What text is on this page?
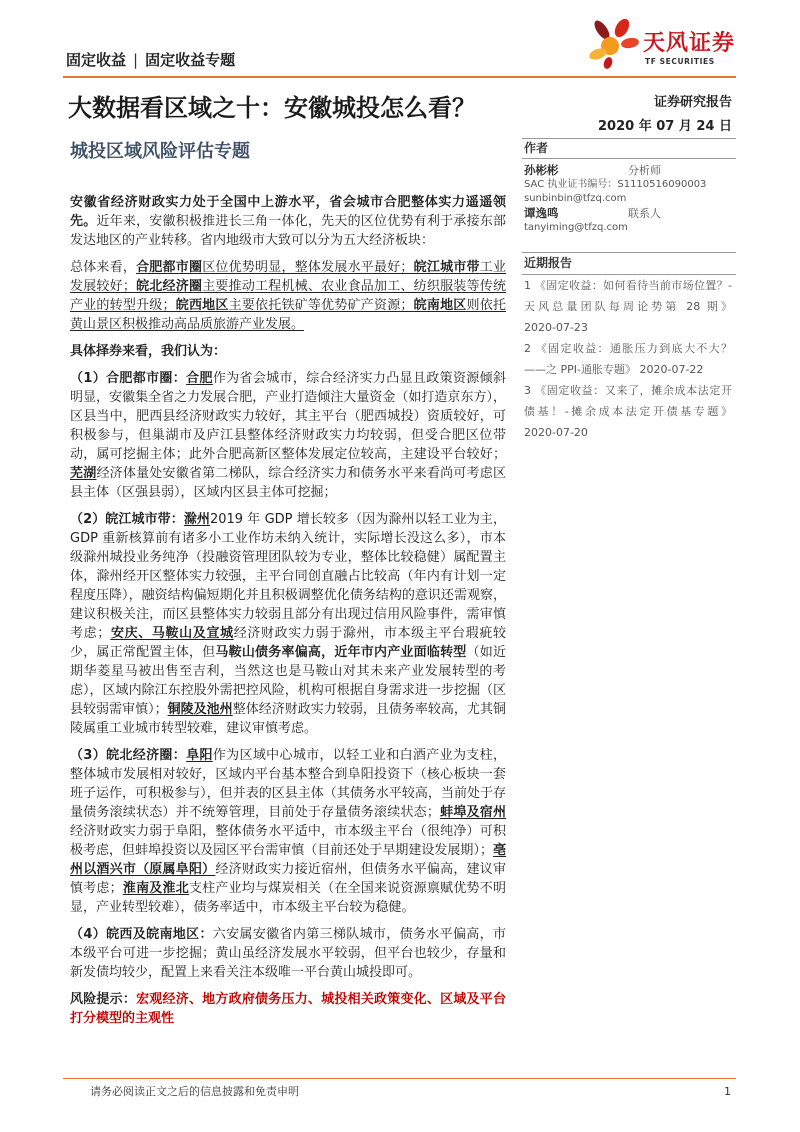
固定收益 | 固定收益专题
天风证券
TF SECURITIES
大数据看区域之十：安徽城投怎么看？
城投区域风险评估专题
证券研究报告
2020 年 07 月 24 日
作者
孙彬彬	分析师
SAC 执业证书编号：S1110516090003
sunbinbin@tfzq.com
谭逸鸣	联系人
tanyiming@tfzq.com
近期报告
1 《固定收益：如何看待当前市场位置？-天风总量团队每周论势第 28 期》 2020-07-23
2 《固定收益：通胀压力到底大不大？——之 PPI-通胀专题》 2020-07-22
3 《固定收益：又来了，摊余成本法定开债基！-摊余成本法定开债基专题》 2020-07-20

安徽省经济财政实力处于全国中上游水平，省会城市合肥整体实力遥遥领先。近年来，安徽积极推进长三角一体化，先天的区位优势有利于承接东部发达地区的产业转移。省内地级市大致可以分为五大经济板块：

总体来看，合肥都市圈区位优势明显，整体发展水平最好；皖江城市带工业发展较好；皖北经济圈主要推动工程机械、农业食品加工、纺织服装等传统产业的转型升级；皖西地区主要依托铁矿等优势矿产资源；皖南地区则依托黄山景区积极推动高品质旅游产业发展。

具体择券来看，我们认为：

（1）合肥都市圈：合肥作为省会城市，综合经济实力凸显且政策资源倾斜明显，安徽集全省之力发展合肥，产业打造倾注大量资金（如打造京东方），区县当中，肥西县经济财政实力较好，其主平台（肥西城投）资质较好，可积极参与，但巢湖市及庐江县整体经济财政实力均较弱，但受合肥区位带动，属可挖掘主体；此外合肥高新区整体发展定位较高，主建设平台较好；芜湖经济体量处安徽省第二梯队，综合经济实力和债务水平来看尚可考虑区县主体（区强县弱），区域内区县主体可挖掘；

（2）皖江城市带：滁州2019 年 GDP 增长较多（因为滁州以轻工业为主，GDP 重新核算前有诸多小工业作坊未纳入统计，实际增长没这么多），市本级滁州城投业务纯净（投融资管理团队较为专业，整体比较稳健）属配置主体，滁州经开区整体实力较强，主平台同创直融占比较高（年内有计划一定程度压降），融资结构偏短期化并且积极调整优化债务结构的意识还需观察，建议积极关注，而区县整体实力较弱且部分有出现过信用风险事件，需审慎考虑；安庆、马鞍山及宣城经济财政实力弱于滁州，市本级主平台瑕疵较少，属正常配置主体，但马鞍山债务率偏高，近年市内产业面临转型（如近期华菱星马被出售至吉利，当然这也是马鞍山对其未来产业发展转型的考虑），区域内除江东控股外需把控风险，机构可根据自身需求进一步挖掘（区县较弱需审慎）；铜陵及池州整体经济财政实力较弱，且债务率较高，尤其铜陵属重工业城市转型较难，建议审慎考虑。

（3）皖北经济圈：阜阳作为区域中心城市，以轻工业和白酒产业为支柱，整体城市发展相对较好，区域内平台基本整合到阜阳投资下（核心板块一套班子运作，可积极参与），但并表的区县主体（其债务水平较高，当前处于存量债务滚续状态）并不统筹管理，目前处于存量债务滚续状态；蚌埠及宿州经济财政实力弱于阜阳，整体债务水平适中，市本级主平台（很纯净）可积极考虑，但蚌埠投资以及园区平台需审慎（目前还处于早期建设发展期）；亳州以酒兴市（原属阜阳）经济财政实力接近宿州，但债务水平偏高，建议审慎考虑；淮南及淮北支柱产业均与煤炭相关（在全国来说资源禀赋优势不明显，产业转型较难），债务率适中，市本级主平台较为稳健。

（4）皖西及皖南地区：六安属安徽省内第三梯队城市，债务水平偏高，市本级平台可进一步挖掘；黄山虽经济发展水平较弱，但平台也较少，存量和新发债均较少，配置上来看关注本级唯一平台黄山城投即可。

风险提示：宏观经济、地方政府债务压力、城投相关政策变化、区域及平台打分模型的主观性

请务必阅读正文之后的信息披露和免责申明	1
